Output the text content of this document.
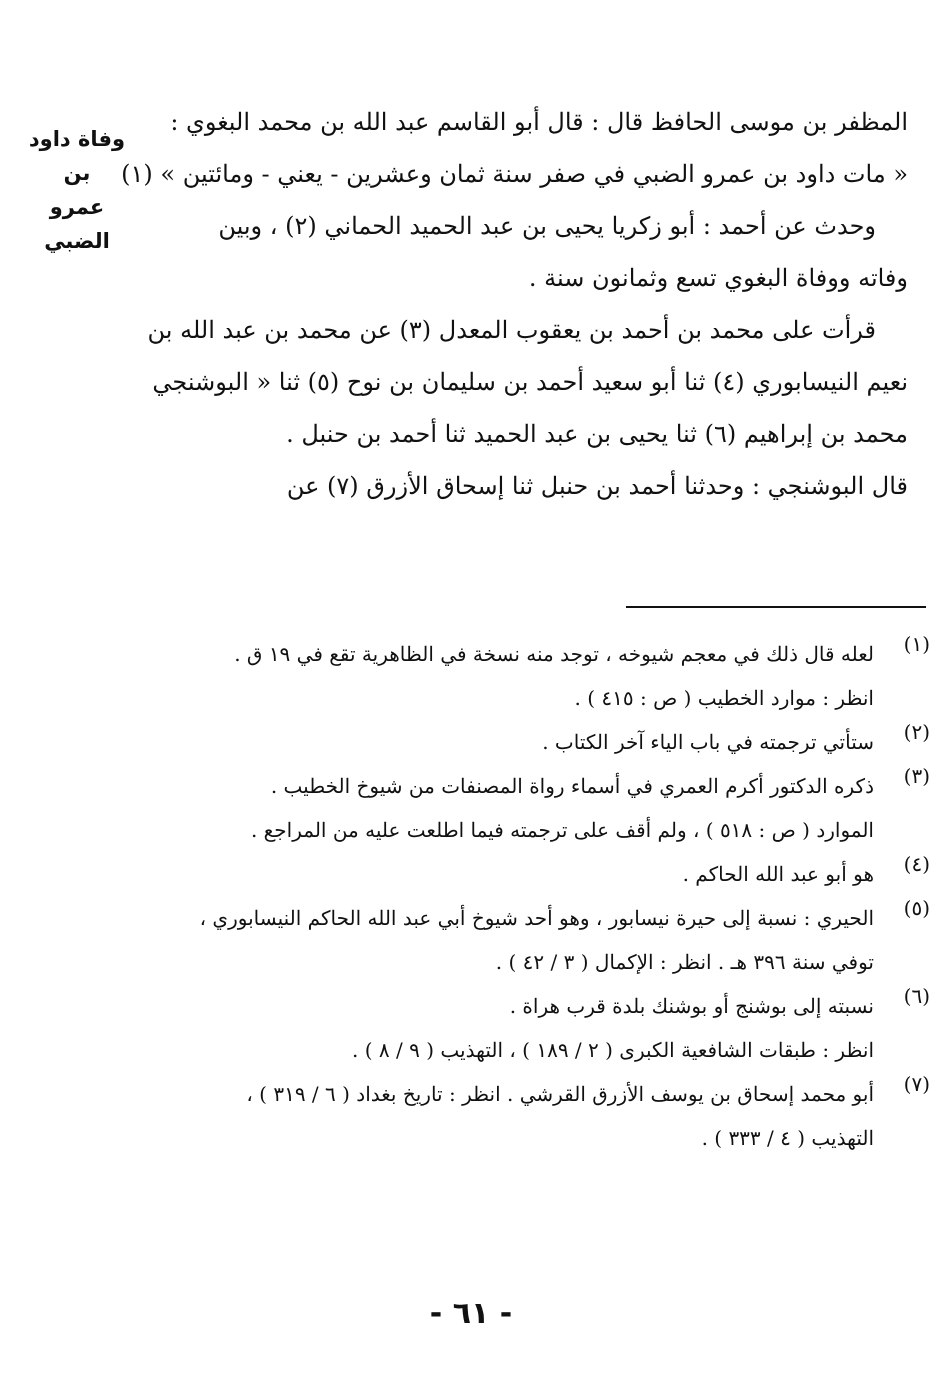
وفاة داود بن
عمرو الضبي
المظفر بن موسى الحافظ قال : قال أبو القاسم عبد الله بن محمد البغوي :
« مات داود بن عمرو الضبي في صفر سنة ثمان وعشرين - يعني - ومائتين » (١)
وحدث عن أحمد : أبو زكريا يحيى بن عبد الحميد الحماني (٢) ، وبين
وفاته ووفاة البغوي تسع وثمانون سنة .
قرأت على محمد بن أحمد بن يعقوب المعدل (٣) عن محمد بن عبد الله بن
نعيم النيسابوري (٤) ثنا أبو سعيد أحمد بن سليمان بن نوح (٥) ثنا « البوشنجي
محمد بن إبراهيم (٦) ثنا يحيى بن عبد الحميد ثنا أحمد بن حنبل .
قال البوشنجي : وحدثنا أحمد بن حنبل ثنا إسحاق الأزرق (٧) عن
(١)
لعله قال ذلك في معجم شيوخه ، توجد منه نسخة في الظاهرية تقع في ١٩ ق .
انظر : موارد الخطيب ( ص : ٤١٥ ) .
(٢)
ستأتي ترجمته في باب الياء آخر الكتاب .
(٣)
ذكره الدكتور أكرم العمري في أسماء رواة المصنفات من شيوخ الخطيب .
الموارد ( ص : ٥١٨ ) ، ولم أقف على ترجمته فيما اطلعت عليه من المراجع .
(٤)
هو أبو عبد الله الحاكم .
(٥)
الحيري : نسبة إلى حيرة نيسابور ، وهو أحد شيوخ أبي عبد الله الحاكم النيسابوري ،
توفي سنة ٣٩٦ هـ . انظر : الإكمال ( ٣ / ٤٢ ) .
(٦)
نسبته إلى بوشنج أو بوشنك بلدة قرب هراة .
انظر : طبقات الشافعية الكبرى ( ٢ / ١٨٩ ) ، التهذيب ( ٩ / ٨ ) .
(٧)
أبو محمد إسحاق بن يوسف الأزرق القرشي . انظر : تاريخ بغداد ( ٦ / ٣١٩ ) ،
التهذيب ( ٤ / ٣٣٣ ) .
- ٦١ -
